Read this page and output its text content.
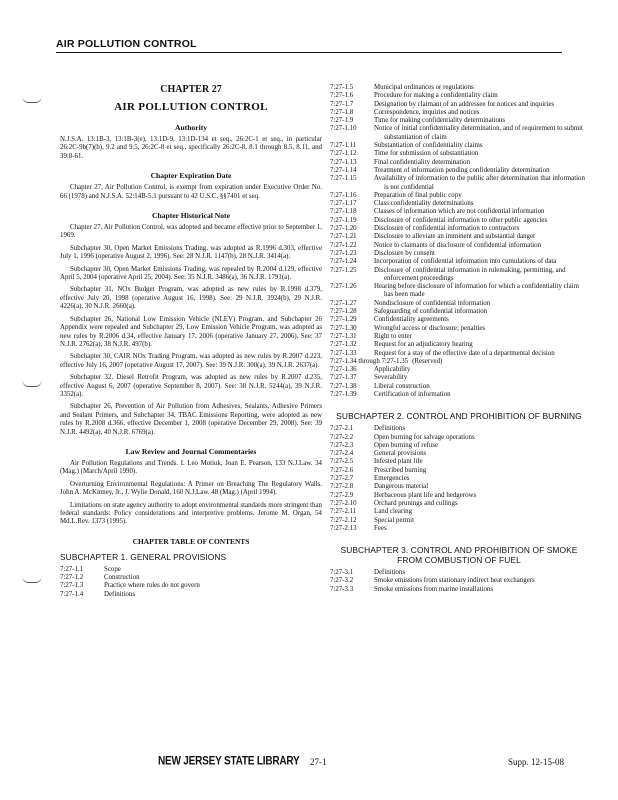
AIR POLLUTION CONTROL
CHAPTER 27
AIR POLLUTION CONTROL
Authority

N.J.S.A. 13:1B-3, 13:1B-3(e), 13:1D-9, 13:1D-134 et seq., 26:2C-1 et seq., in particular 26:2C-9b(7)(b), 9.2 and 9.5, 26:2C-8 et seq., specifically 26:2C-8, 8.1 through 8.5, 8.11, and 39:8-61.

Chapter Expiration Date

Chapter 27, Air Pollution Control, is exempt from expiration under Executive Order No. 66 (1978) and N.J.S.A. 52:14B-5.1 pursuant to 42 U.S.C. §§7401 et seq.

Chapter Historical Note

Chapter 27, Air Pollution Control, was adopted and became effective prior to September 1, 1969.

Subchapter 30, Open Market Emissions Trading, was adopted as R.1996 d.303, effective July 1, 1996 (operative August 2, 1996). See: 28 N.J.R. 1147(b), 28 N.J.R. 3414(a).

Subchapter 30, Open Market Emissions Trading, was repealed by R.2004 d.129, effective April 5, 2004 (operative April 25, 2004). See: 35 N.J.R. 3486(a), 36 N.J.R. 1791(a).

Subchapter 31, NOx Budget Program, was adopted as new rules by R.1998 d.379, effective July 20, 1998 (operative August 16, 1998). See: 29 N.J.R. 3924(b), 29 N.J.R. 4226(a), 30 N.J.R. 2660(a).

Subchapter 26, National Low Emission Vehicle (NLEV) Program, and Subchapter 26 Appendix were repealed and Subchapter 29, Low Emission Vehicle Program, was adopted as new rules by R.2006 d.34, effective January 17, 2006 (operative January 27, 2006). See: 37 N.J.R. 2762(a), 38 N.J.R. 497(b).

Subchapter 30, CAIR NOx Trading Program, was adopted as new rules by R.2007 d.223, effective July 16, 2007 (operative August 17, 2007). See: 39 N.J.R. 300(a), 39 N.J.R. 2637(a).

Subchapter 32, Diesel Retrofit Program, was adopted as new rules by R.2007 d.235, effective August 6, 2007 (operative September 8, 2007). See: 38 N.J.R. 5244(a), 39 N.J.R. 3352(a).

Subchapter 26, Prevention of Air Pollution from Adhesives, Sealants, Adhesive Primers and Sealant Primers, and Subchapter 34, TBAC Emissions Reporting, were adopted as new rules by R.2008 d.366, effective December 1, 2008 (operative December 29, 2008). See: 39 N.J.R. 4492(a), 40 N.J.R. 6769(a).

Law Review and Journal Commentaries

Air Pollution Regulations and Trends. I. Leo Motiuk, Joan E. Pearson, 133 N.J.Law. 34 (Mag.) (March/April 1990).

Overturning Environmental Regulations: A Primer on Breaching The Regulatory Walls. John A. McKinney, Jr., J. Wylie Donald, 160 N.J.Law. 48 (Mag.) (April 1994).

Limitations on state agency authority to adopt environmental standards more stringent than federal standards: Policy considerations and interpretive problems. Jerome M. Organ, 54 Md.L.Rev. 1373 (1995).

CHAPTER TABLE OF CONTENTS
SUBCHAPTER 1. GENERAL PROVISIONS
7:27-1.1	Scope
7:27-1.2	Construction
7:27-1.3	Practice where rules do not govern
7:27-1.4	Definitions
7:27-1.5	Municipal ordinances or regulations
7:27-1.6	Procedure for making a confidentiality claim
7:27-1.7	Designation by claimant of an addressee for notices and inquiries
7:27-1.8	Correspondence, inquiries and notices
7:27-1.9	Time for making confidentiality determinations
7:27-1.10	Notice of initial confidentiality determination, and of requirement to submit substantiation of claim
7:27-1.11	Substantiation of confidentiality claims
7:27-1.12	Time for submission of substantiation
7:27-1.13	Final confidentiality determination
7:27-1.14	Treatment of information pending confidentiality determination
7:27-1.15	Availability of information to the public after determination that information is not confidential
7:27-1.16	Preparation of final public copy
7:27-1.17	Class confidentiality determinations
7:27-1.18	Classes of information which are not confidential information
7:27-1.19	Disclosure of confidential information to other public agencies
7:27-1.20	Disclosure of confidential information to contractors
7:27-1.21	Disclosure to alleviate an imminent and substantial danger
7:27-1.22	Notice to claimants of disclosure of confidential information
7:27-1.23	Disclosure by consent
7:27-1.24	Incorporation of confidential information into cumulations of data
7:27-1.25	Disclosure of confidential information in rulemaking, permitting, and enforcement proceedings
7:27-1.26	Hearing before disclosure of information for which a confidentiality claim has been made
7:27-1.27	Nondisclosure of confidential information
7:27-1.28	Safeguarding of confidential information
7:27-1.29	Confidentiality agreements
7:27-1.30	Wrongful access or disclosure; penalties
7:27-1.31	Right to enter
7:27-1.32	Request for an adjudicatory hearing
7:27-1.33	Request for a stay of the effective date of a departmental decision
7:27-1.34 through 7:27-1.35 (Reserved)
7:27-1.36	Applicability
7:27-1.37	Severability
7:27-1.38	Liberal construction
7:27-1.39	Certification of information
SUBCHAPTER 2. CONTROL AND PROHIBITION OF BURNING
7:27-2.1	Definitions
7:27-2.2	Open burning for salvage operations
7:27-2.3	Open burning of refuse
7:27-2.4	General provisions
7:27-2.5	Infested plant life
7:27-2.6	Prescribed burning
7:27-2.7	Emergencies
7:27-2.8	Dangerous material
7:27-2.9	Herbaceous plant life and hedgerows
7:27-2.10	Orchard prunings and cullings
7:27-2.11	Land clearing
7:27-2.12	Special permit
7:27-2.13	Fees
SUBCHAPTER 3. CONTROL AND PROHIBITION OF SMOKE FROM COMBUSTION OF FUEL
7:27-3.1	Definitions
7:27-3.2	Smoke emissions from stationary indirect heat exchangers
7:27-3.3	Smoke emissions from marine installations
NEW JERSEY STATE LIBRARY 27-1	Supp. 12-15-08
